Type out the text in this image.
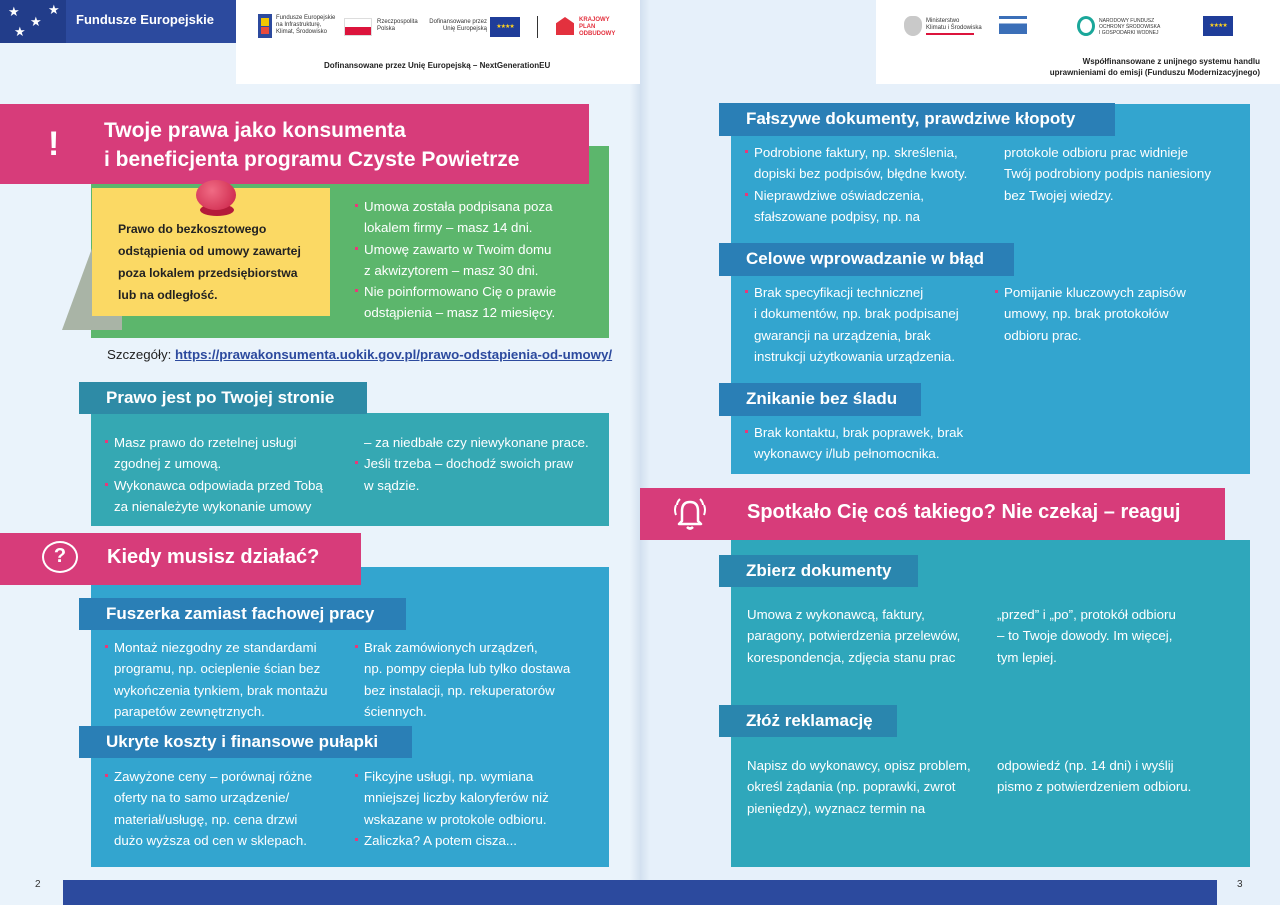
★
★
★
★
Fundusze Europejskie	Fundusze Europejskie
na Infrastrukturę,
Klimat, Środowisko
Rzeczpospolita
Polska
Dofinansowane przez
Unię Europejską	★★★★
KRAJOWY
PLAN
ODBUDOWY
Dofinansowane przez Unię Europejską – NextGenerationEU
Ministerstwo
Klimatu i Środowiska
NARODOWY FUNDUSZ
OCHRONY ŚRODOWISKA
I GOSPODARKI WODNEJ
★★★★
Współfinansowane z unijnego systemu handlu
uprawnieniami do emisji (Funduszu Modernizacyjnego)
! Twoje prawa jako konsumenta
i beneficjenta programu Czyste Powietrze
Prawo do bezkosztowego
odstąpienia od umowy zawartej
poza lokalem przedsiębiorstwa
lub na odległość.
Umowa została podpisana poza
lokalem firmy – masz 14 dni.
Umowę zawarto w Twoim domu
z akwizytorem – masz 30 dni.
Nie poinformowano Cię o prawie
odstąpienia – masz 12 miesięcy.
Szczegóły: https://prawakonsumenta.uokik.gov.pl/prawo-odstapienia-od-umowy/
Prawo jest po Twojej stronie
Masz prawo do rzetelnej usługi
zgodnej z umową.
Wykonawca odpowiada przed Tobą
za nienależyte wykonanie umowy
– za niedbałe czy niewykonane prace.
Jeśli trzeba – dochodź swoich praw
w sądzie.
?	Kiedy musisz działać?
Fuszerka zamiast fachowej pracy
Montaż niezgodny ze standardami
programu, np. ocieplenie ścian bez
wykończenia tynkiem, brak montażu
parapetów zewnętrznych.
Brak zamówionych urządzeń,
np. pompy ciepła lub tylko dostawa
bez instalacji, np. rekuperatorów
ściennych.
Ukryte koszty i finansowe pułapki
Zawyżone ceny – porównaj różne
oferty na to samo urządzenie/
materiał/usługę, np. cena drzwi
dużo wyższa od cen w sklepach.
Fikcyjne usługi, np. wymiana
mniejszej liczby kaloryferów niż
wskazane w protokole odbioru.
Zaliczka? A potem cisza...
2
Fałszywe dokumenty, prawdziwe kłopoty
Podrobione faktury, np. skreślenia,
dopiski bez podpisów, błędne kwoty.
Nieprawdziwe oświadczenia,
sfałszowane podpisy, np. na
protokole odbioru prac widnieje
Twój podrobiony podpis naniesiony
bez Twojej wiedzy.
Celowe wprowadzanie w błąd
Brak specyfikacji technicznej
i dokumentów, np. brak podpisanej
gwarancji na urządzenia, brak
instrukcji użytkowania urządzenia.
Pomijanie kluczowych zapisów
umowy, np. brak protokołów
odbioru prac.
Znikanie bez śladu
Brak kontaktu, brak poprawek, brak
wykonawcy i/lub pełnomocnika.
Spotkało Cię coś takiego? Nie czekaj – reaguj
Zbierz dokumenty
Umowa z wykonawcą, faktury,
paragony, potwierdzenia przelewów,
korespondencja, zdjęcia stanu prac
„przed” i „po”, protokół odbioru
– to Twoje dowody. Im więcej,
tym lepiej.
Złóż reklamację
Napisz do wykonawcy, opisz problem,
określ żądania (np. poprawki, zwrot
pieniędzy), wyznacz termin na
odpowiedź (np. 14 dni) i wyślij
pismo z potwierdzeniem odbioru.
3
